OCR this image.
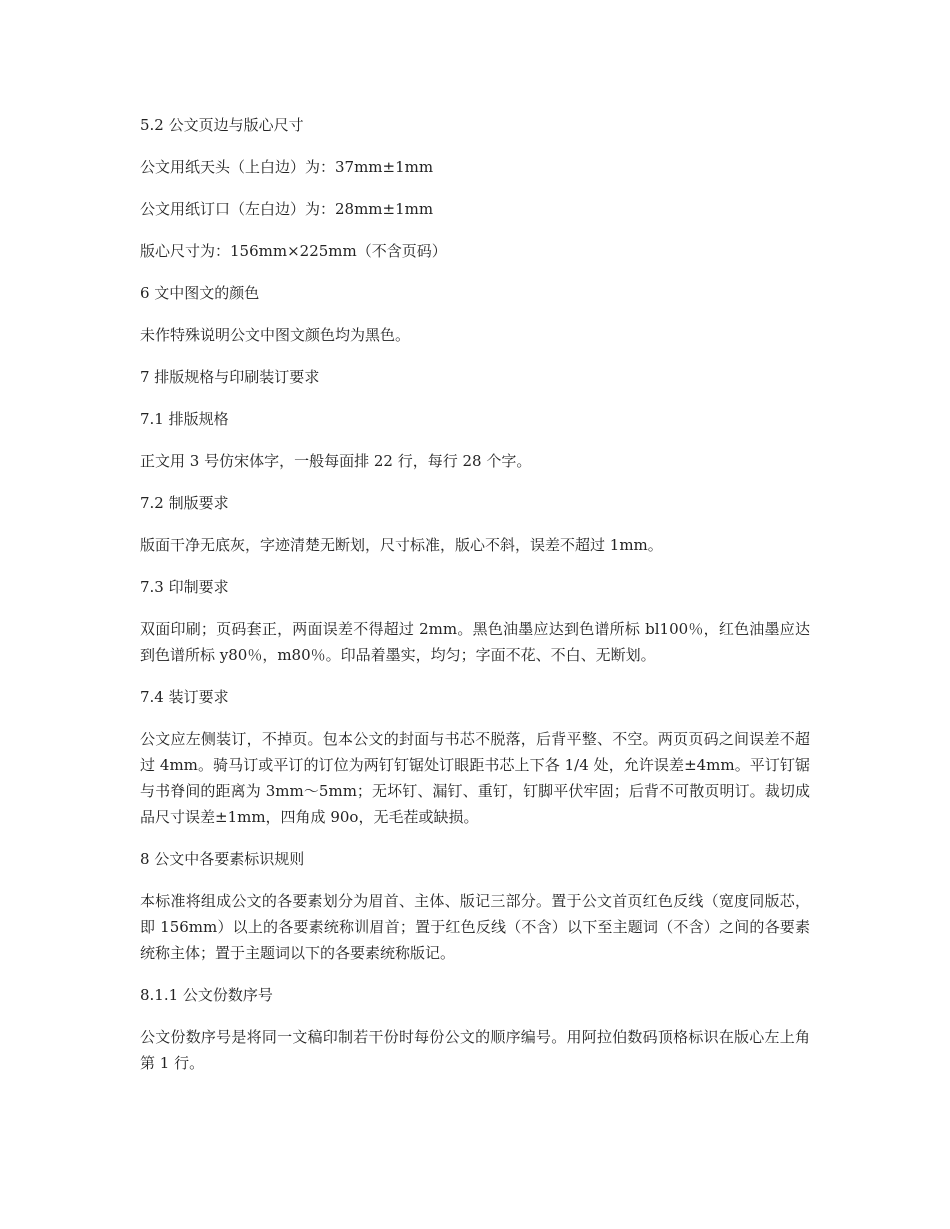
5.2 公文页边与版心尺寸
公文用纸天头（上白边）为：37mm±1mm
公文用纸订口（左白边）为：28mm±1mm
版心尺寸为：156mm×225mm（不含页码）
6 文中图文的颜色
未作特殊说明公文中图文颜色均为黑色。
7 排版规格与印刷装订要求
7.1 排版规格
正文用 3 号仿宋体字，一般每面排 22 行，每行 28 个字。
7.2 制版要求
版面干净无底灰，字迹清楚无断划，尺寸标准，版心不斜，误差不超过 1mm。
7.3 印制要求
双面印刷；页码套正，两面误差不得超过 2mm。黑色油墨应达到色谱所标 bl100％，红色油墨应达到色谱所标 y80％，m80％。印品着墨实，均匀；字面不花、不白、无断划。
7.4 装订要求
公文应左侧装订，不掉页。包本公文的封面与书芯不脱落，后背平整、不空。两页页码之间误差不超过 4mm。骑马订或平订的订位为两钉钉锯处订眼距书芯上下各 1/4 处，允许误差±4mm。平订钉锯与书脊间的距离为 3mm～5mm；无坏钉、漏钉、重钉，钉脚平伏牢固；后背不可散页明订。裁切成品尺寸误差±1mm，四角成 90o，无毛茬或缺损。
8 公文中各要素标识规则
本标准将组成公文的各要素划分为眉首、主体、版记三部分。置于公文首页红色反线（宽度同版芯，即 156mm）以上的各要素统称训眉首；置于红色反线（不含）以下至主题词（不含）之间的各要素统称主体；置于主题词以下的各要素统称版记。
8.1.1 公文份数序号
公文份数序号是将同一文稿印制若干份时每份公文的顺序编号。用阿拉伯数码顶格标识在版心左上角第 1 行。
